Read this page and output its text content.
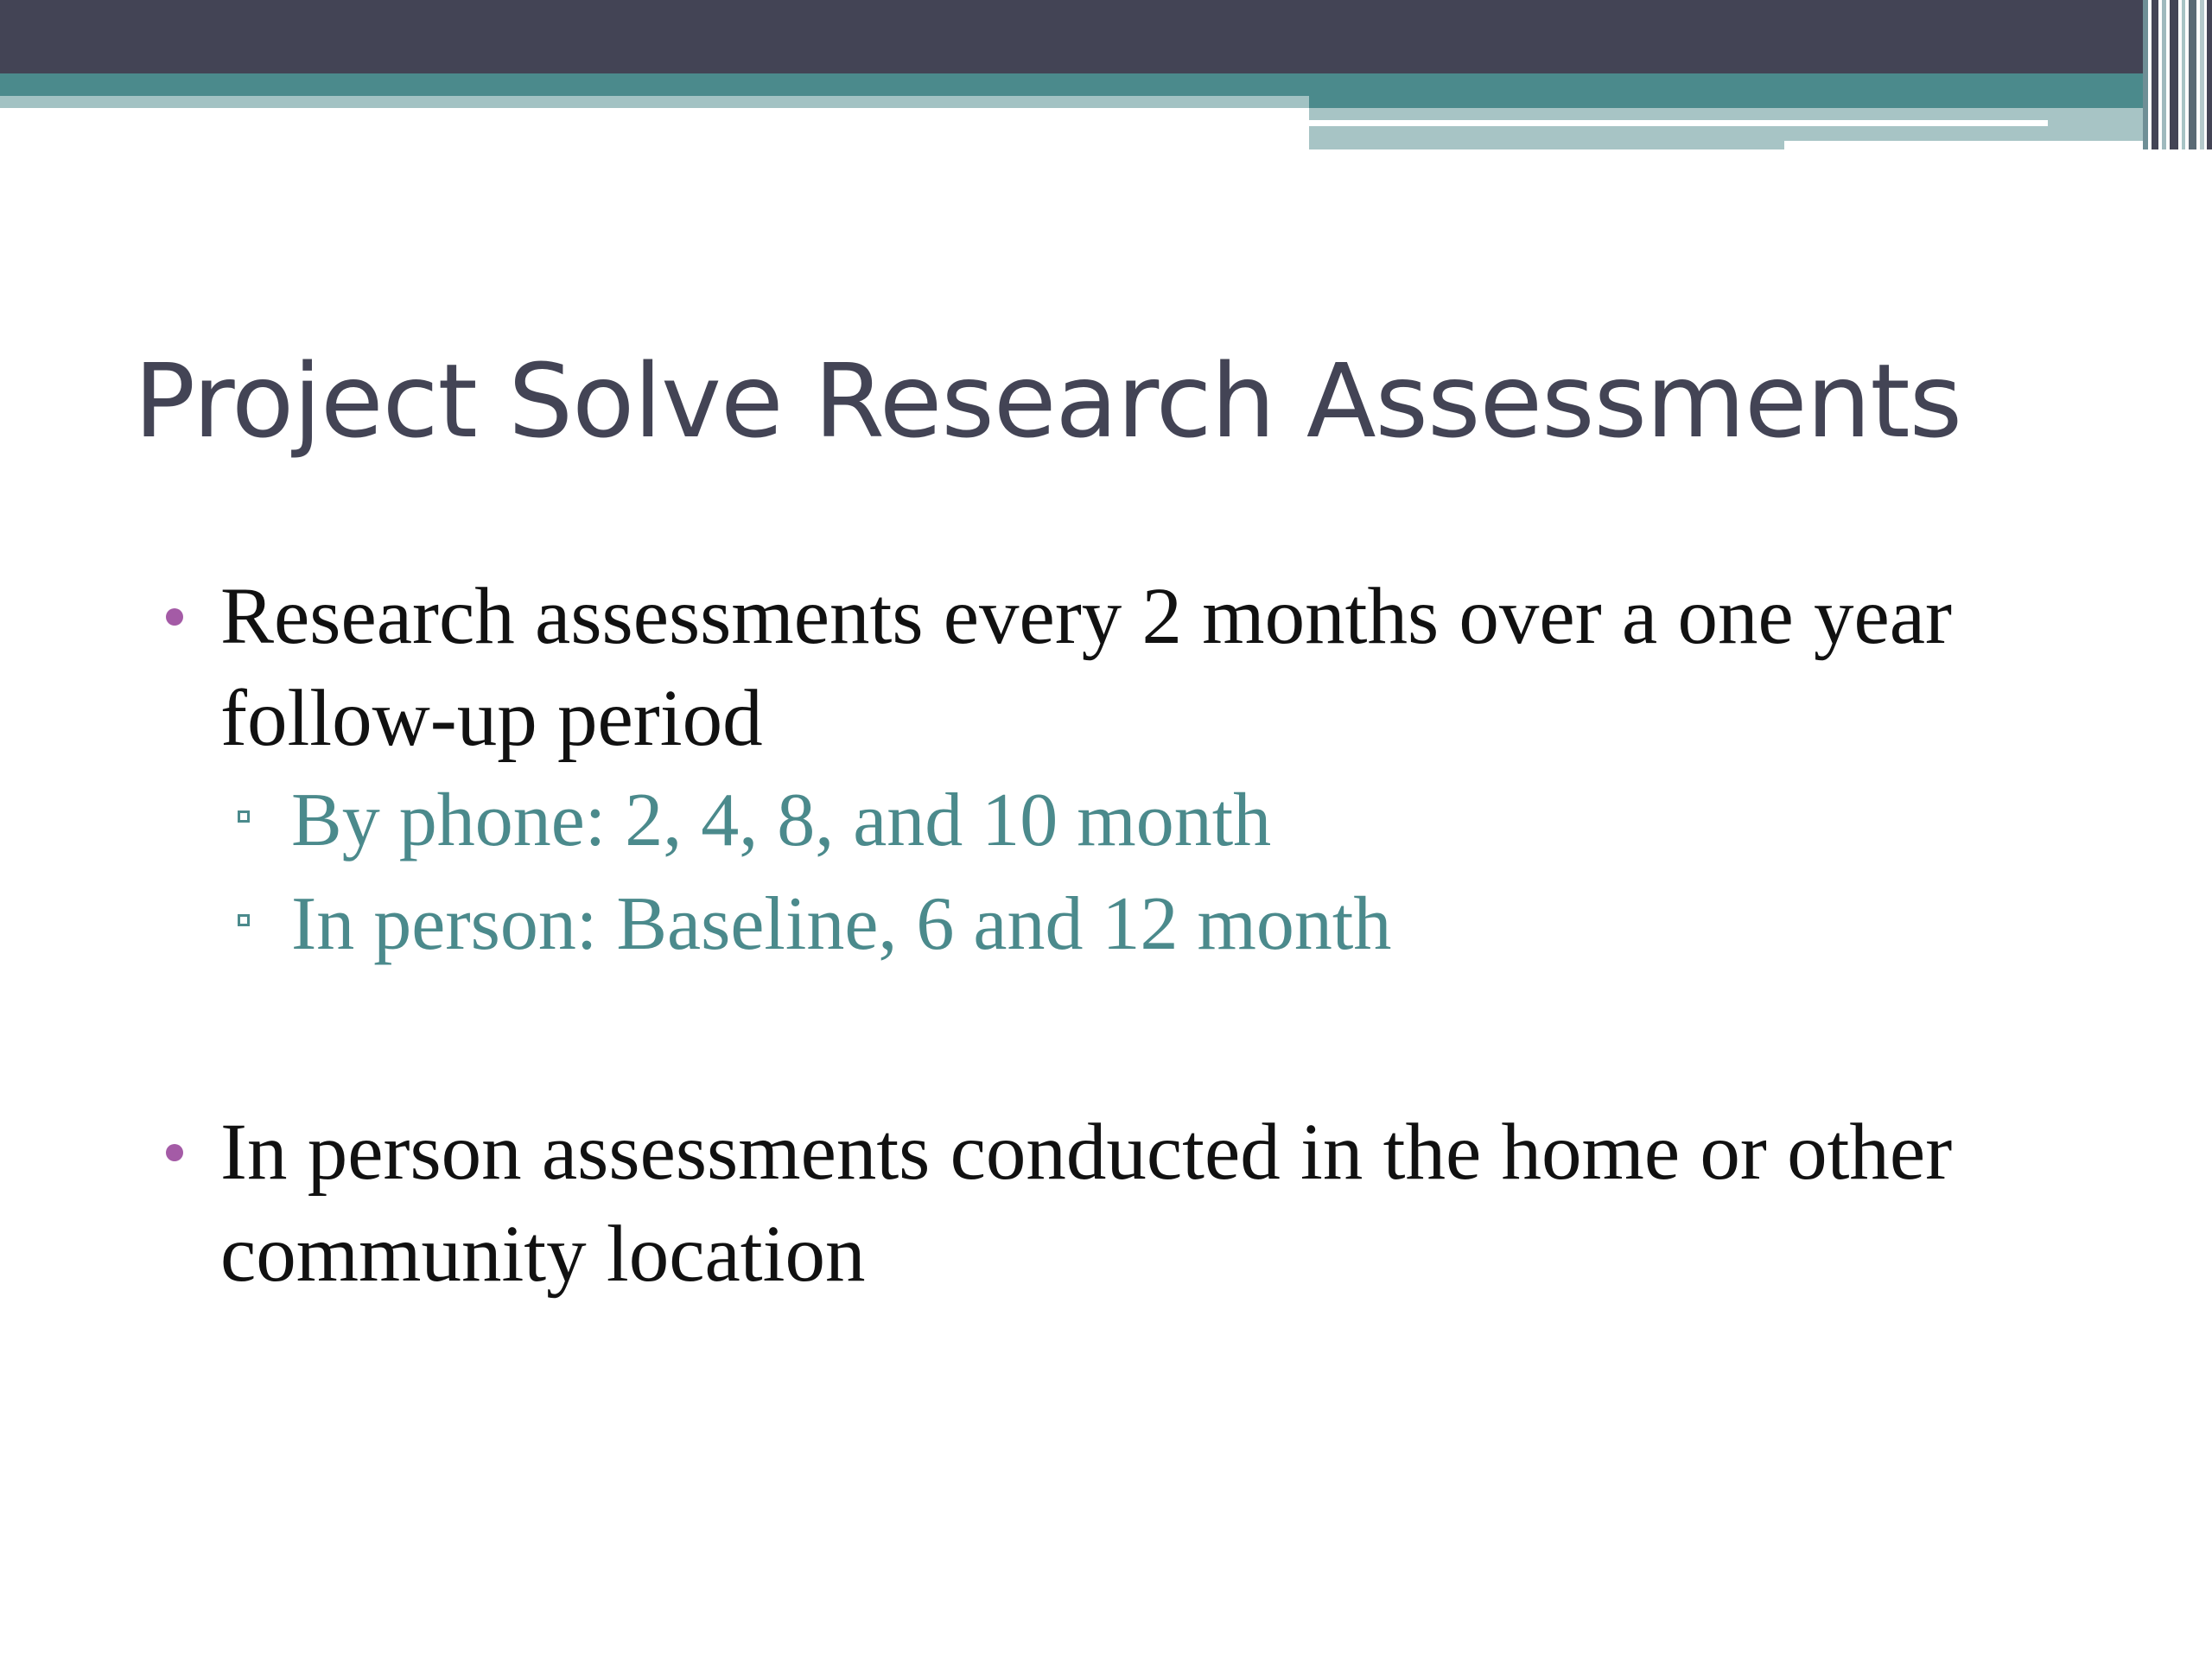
Project Solve Research Assessments
Research assessments every 2 months over a one year follow-up period
By phone: 2, 4, 8, and 10 month
In person: Baseline, 6 and 12 month
In person assessments conducted in the home or other community location
